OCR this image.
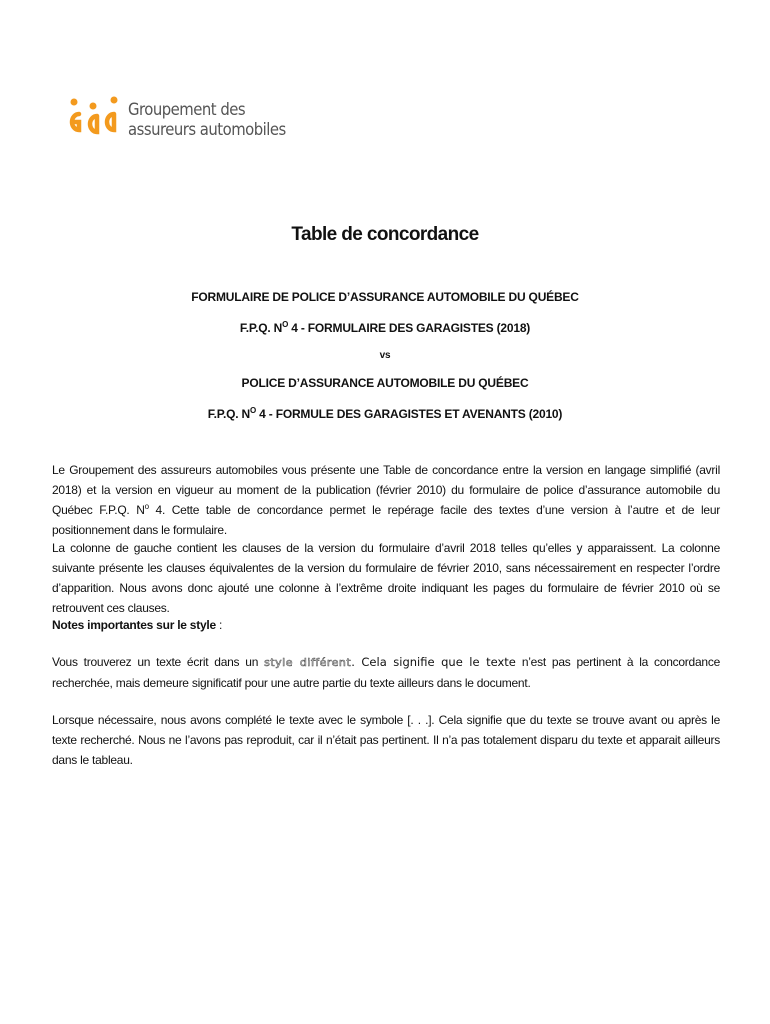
Groupement des
assureurs automobiles
Table de concordance
FORMULAIRE DE POLICE D’ASSURANCE AUTOMOBILE DU QUÉBEC
F.P.Q. $N^O$ 4 - FORMULAIRE DES GARAGISTES (2018)
vs
POLICE D’ASSURANCE AUTOMOBILE DU QUÉBEC
F.P.Q. $N^O$ 4 - FORMULE DES GARAGISTES ET AVENANTS (2010)
Le Groupement des assureurs automobiles vous présente une Table de concordance entre la version en langage simplifié (avril 2018) et la version en vigueur au moment de la publication (février 2010) du formulaire de police d’assurance automobile du Québec F.P.Q. $N^o$ 4. Cette table de concordance permet le repérage facile des textes d’une version à l’autre et de leur positionnement dans le formulaire.
La colonne de gauche contient les clauses de la version du formulaire d’avril 2018 telles qu’elles y apparaissent. La colonne suivante présente les clauses équivalentes de la version du formulaire de février 2010, sans nécessairement en respecter l’ordre d’apparition. Nous avons donc ajouté une colonne à l’extrême droite indiquant les pages du formulaire de février 2010 où se retrouvent ces clauses.
Notes importantes sur le style :
Vous trouverez un texte écrit dans un style différent. Cela signifie que le texte n’est pas pertinent à la concordance recherchée, mais demeure significatif pour une autre partie du texte ailleurs dans le document.
Lorsque nécessaire, nous avons complété le texte avec le symbole [. . .]. Cela signifie que du texte se trouve avant ou après le texte recherché. Nous ne l’avons pas reproduit, car il n’était pas pertinent. Il n’a pas totalement disparu du texte et apparait ailleurs dans le tableau.
